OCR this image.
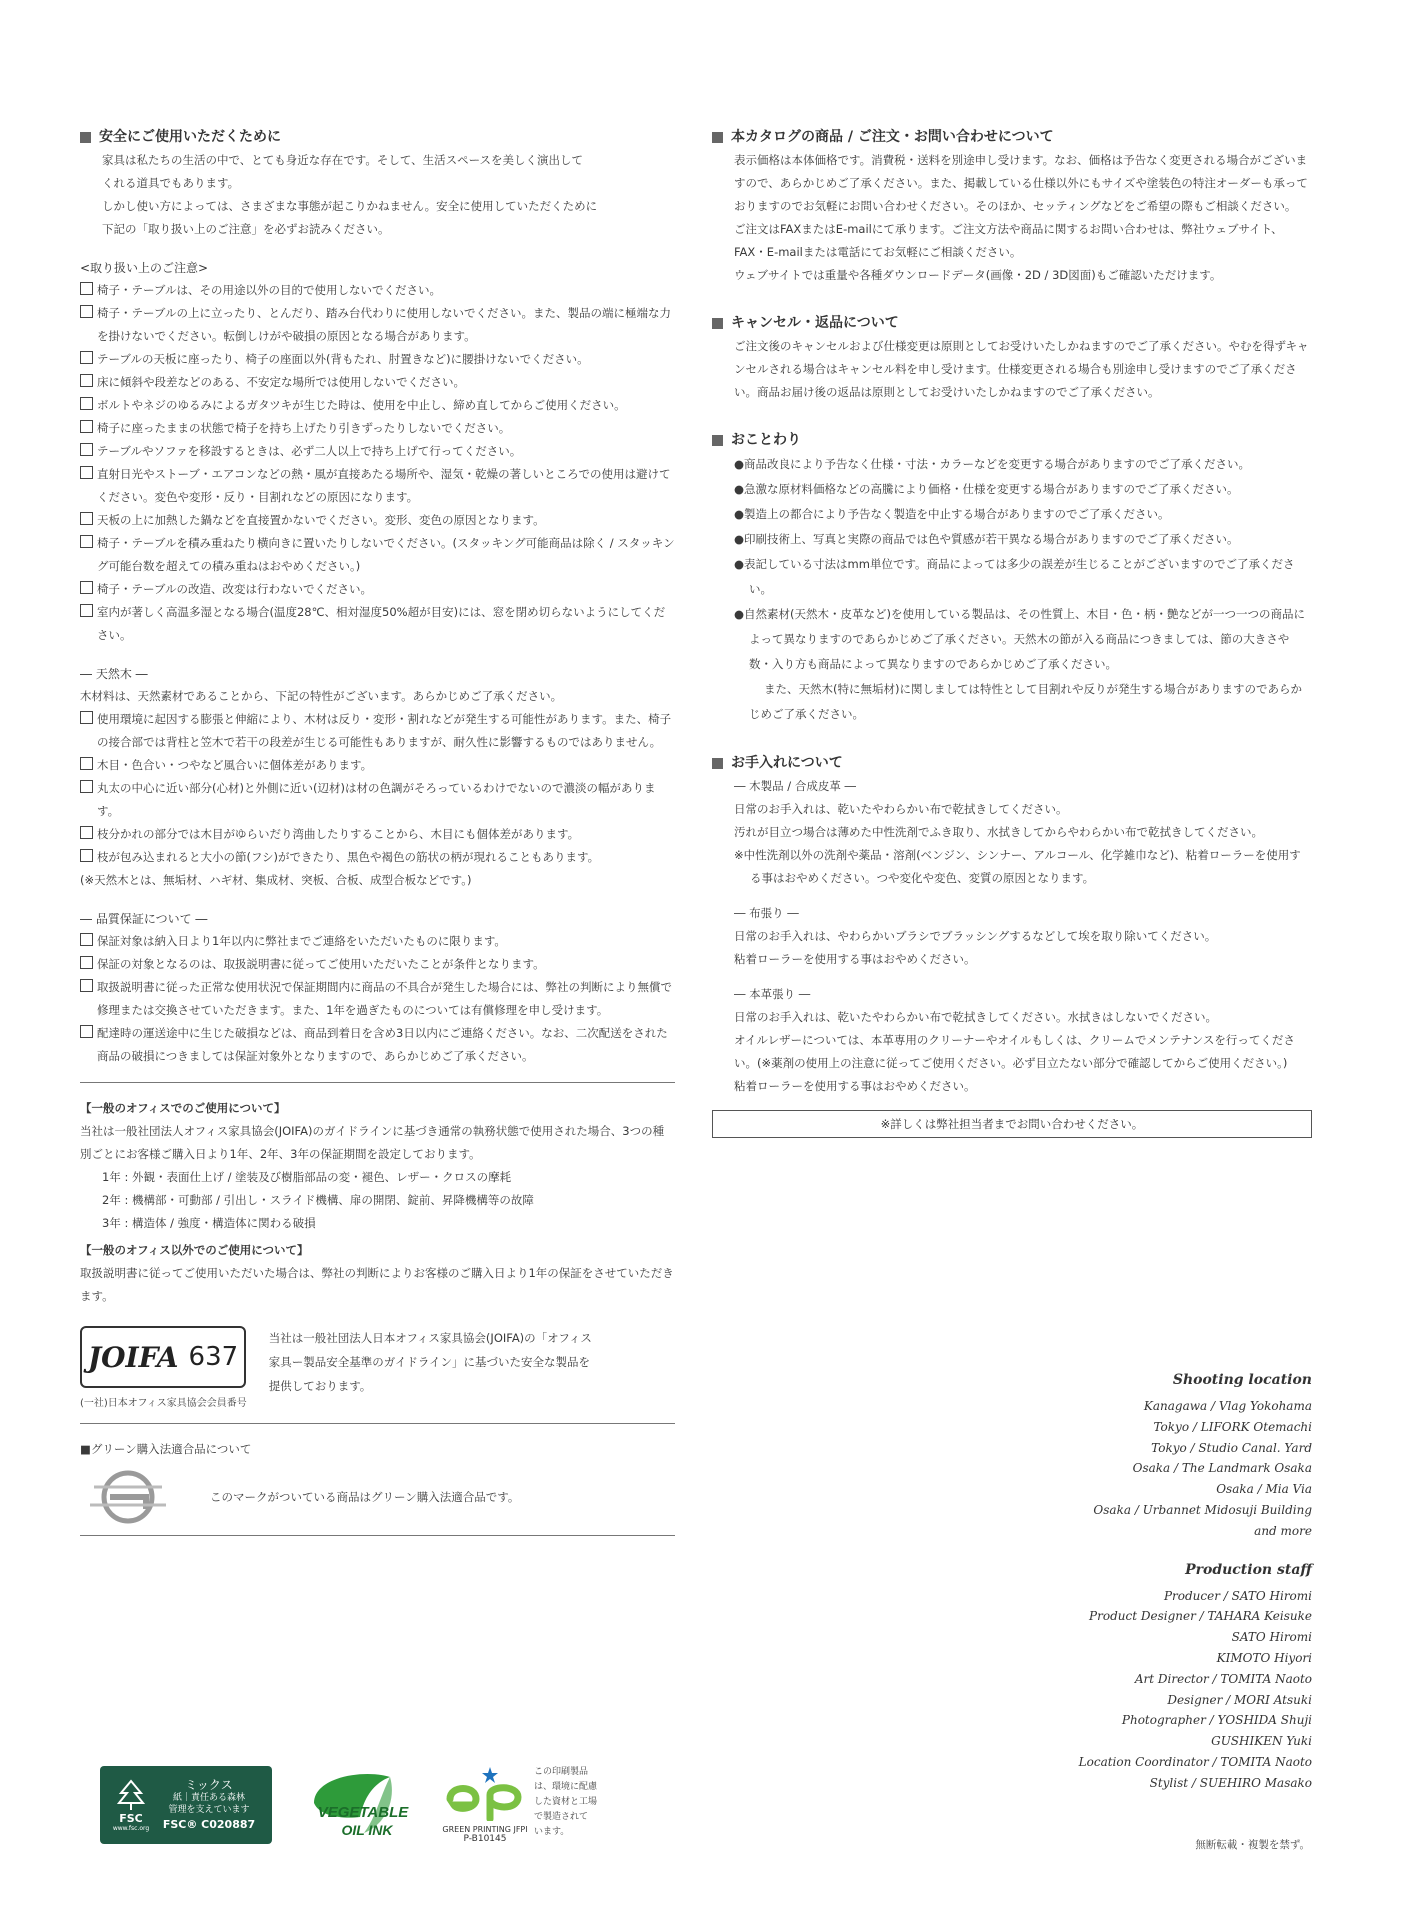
安全にご使用いただくために

家具は私たちの生活の中で、とても身近な存在です。そして、生活スペースを美しく演出して
くれる道具でもあります。

しかし使い方によっては、さまざまな事態が起こりかねません。安全に使用していただくために
下記の「取り扱い上のご注意」を必ずお読みください。

<取り扱い上のご注意>

椅子・テーブルは、その用途以外の目的で使用しないでください。

椅子・テーブルの上に立ったり、とんだり、踏み台代わりに使用しないでください。また、製品の端に極端な力を掛けないでください。転倒しけがや破損の原因となる場合があります。

テーブルの天板に座ったり、椅子の座面以外(背もたれ、肘置きなど)に腰掛けないでください。

床に傾斜や段差などのある、不安定な場所では使用しないでください。

ボルトやネジのゆるみによるガタツキが生じた時は、使用を中止し、締め直してからご使用ください。

椅子に座ったままの状態で椅子を持ち上げたり引きずったりしないでください。

テーブルやソファを移設するときは、必ず二人以上で持ち上げて行ってください。

直射日光やストーブ・エアコンなどの熱・風が直接あたる場所や、湿気・乾燥の著しいところでの使用は避けてください。変色や変形・反り・目割れなどの原因になります。

天板の上に加熱した鍋などを直接置かないでください。変形、変色の原因となります。

椅子・テーブルを積み重ねたり横向きに置いたりしないでください。(スタッキング可能商品は除く / スタッキング可能台数を超えての積み重ねはおやめください。)

椅子・テーブルの改造、改変は行わないでください。

室内が著しく高温多湿となる場合(温度28℃、相対湿度50%超が目安)には、窓を閉め切らないようにしてください。

― 天然木 ―

木材料は、天然素材であることから、下記の特性がございます。あらかじめご了承ください。

使用環境に起因する膨張と伸縮により、木材は反り・変形・割れなどが発生する可能性があります。また、椅子の接合部では背柱と笠木で若干の段差が生じる可能性もありますが、耐久性に影響するものではありません。

木目・色合い・つやなど風合いに個体差があります。

丸太の中心に近い部分(心材)と外側に近い(辺材)は材の色調がそろっているわけでないので濃淡の幅があります。

枝分かれの部分では木目がゆらいだり湾曲したりすることから、木目にも個体差があります。

枝が包み込まれると大小の節(フシ)ができたり、黒色や褐色の筋状の柄が現れることもあります。

(※天然木とは、無垢材、ハギ材、集成材、突板、合板、成型合板などです。)

― 品質保証について ―

保証対象は納入日より1年以内に弊社までご連絡をいただいたものに限ります。

保証の対象となるのは、取扱説明書に従ってご使用いただいたことが条件となります。

取扱説明書に従った正常な使用状況で保証期間内に商品の不具合が発生した場合には、弊社の判断により無償で修理または交換させていただきます。また、1年を過ぎたものについては有償修理を申し受けます。

配達時の運送途中に生じた破損などは、商品到着日を含め3日以内にご連絡ください。なお、二次配送をされた商品の破損につきましては保証対象外となりますので、あらかじめご了承ください。

【一般のオフィスでのご使用について】

当社は一般社団法人オフィス家具協会(JOIFA)のガイドラインに基づき通常の執務状態で使用された場合、3つの種別ごとにお客様ご購入日より1年、2年、3年の保証期間を設定しております。

1年 : 外観・表面仕上げ / 塗装及び樹脂部品の変・褪色、レザー・クロスの摩耗

2年 : 機構部・可動部 / 引出し・スライド機構、扉の開閉、錠前、昇降機構等の故障

3年 : 構造体 / 強度・構造体に関わる破損

【一般のオフィス以外でのご使用について】

取扱説明書に従ってご使用いただいた場合は、弊社の判断によりお客様のご購入日より1年の保証をさせていただきます。

JOIFA 637
(一社)日本オフィス家具協会会員番号
当社は一般社団法人日本オフィス家具協会(JOIFA)の「オフィス
家具ー製品安全基準のガイドライン」に基づいた安全な製品を
提供しております。
■グリーン購入法適合品について
このマークがついている商品はグリーン購入法適合品です。
本カタログの商品 / ご注文・お問い合わせについて

表示価格は本体価格です。消費税・送料を別途申し受けます。なお、価格は予告なく変更される場合がございますので、あらかじめご了承ください。また、掲載している仕様以外にもサイズや塗装色の特注オーダーも承っておりますのでお気軽にお問い合わせください。そのほか、セッティングなどをご希望の際もご相談ください。

ご注文はFAXまたはE-mailにて承ります。ご注文方法や商品に関するお問い合わせは、弊社ウェブサイト、FAX・E-mailまたは電話にてお気軽にご相談ください。

ウェブサイトでは重量や各種ダウンロードデータ(画像・2D / 3D図面)もご確認いただけます。

キャンセル・返品について

ご注文後のキャンセルおよび仕様変更は原則としてお受けいたしかねますのでご了承ください。やむを得ずキャンセルされる場合はキャンセル料を申し受けます。仕様変更される場合も別途申し受けますのでご了承ください。商品お届け後の返品は原則としてお受けいたしかねますのでご了承ください。

おことわり

●商品改良により予告なく仕様・寸法・カラーなどを変更する場合がありますのでご了承ください。

●急激な原材料価格などの高騰により価格・仕様を変更する場合がありますのでご了承ください。

●製造上の都合により予告なく製造を中止する場合がありますのでご了承ください。

●印刷技術上、写真と実際の商品では色や質感が若干異なる場合がありますのでご了承ください。

●表記している寸法はmm単位です。商品によっては多少の誤差が生じることがございますのでご了承ください。

●自然素材(天然木・皮革など)を使用している製品は、その性質上、木目・色・柄・艶などが一つ一つの商品によって異なりますのであらかじめご了承ください。天然木の節が入る商品につきましては、節の大きさや数・入り方も商品によって異なりますのであらかじめご了承ください。

また、天然木(特に無垢材)に関しましては特性として目割れや反りが発生する場合がありますのであらかじめご了承ください。

お手入れについて

― 木製品 / 合成皮革 ―

日常のお手入れは、乾いたやわらかい布で乾拭きしてください。

汚れが目立つ場合は薄めた中性洗剤でふき取り、水拭きしてからやわらかい布で乾拭きしてください。

※中性洗剤以外の洗剤や薬品・溶剤(ベンジン、シンナー、アルコール、化学雑巾など)、粘着ローラーを使用する事はおやめください。つや変化や変色、変質の原因となります。

― 布張り ―

日常のお手入れは、やわらかいブラシでブラッシングするなどして埃を取り除いてください。

粘着ローラーを使用する事はおやめください。

― 本革張り ―

日常のお手入れは、乾いたやわらかい布で乾拭きしてください。水拭きはしないでください。

オイルレザーについては、本革専用のクリーナーやオイルもしくは、クリームでメンテナンスを行ってください。(※薬剤の使用上の注意に従ってご使用ください。必ず目立たない部分で確認してからご使用ください。)

粘着ローラーを使用する事はおやめください。

※詳しくは弊社担当者までお問い合わせください。
Shooting location
Kanagawa / Vlag Yokohama
Tokyo / LIFORK Otemachi
Tokyo / Studio Canal. Yard
Osaka / The Landmark Osaka
Osaka / Mia Via
Osaka / Urbannet Midosuji Building
and more
Production staff
Producer / SATO Hiromi
Product Designer / TAHARA Keisuke
SATO Hiromi
KIMOTO Hiyori
Art Director / TOMITA Naoto
Designer / MORI Atsuki
Photographer / YOSHIDA Shuji
GUSHIKEN Yuki
Location Coordinator / TOMITA Naoto
Stylist / SUEHIRO Masako
無断転載・複製を禁ず。
FSC
www.fsc.org
ミックス
紙｜責任ある森林
管理を支えています
FSC® C020887
VEGETABLE
OIL INK	GREEN PRINTING JFPI
P-B10145
この印刷製品
は、環境に配慮
した資材と工場
で製造されて
います。
